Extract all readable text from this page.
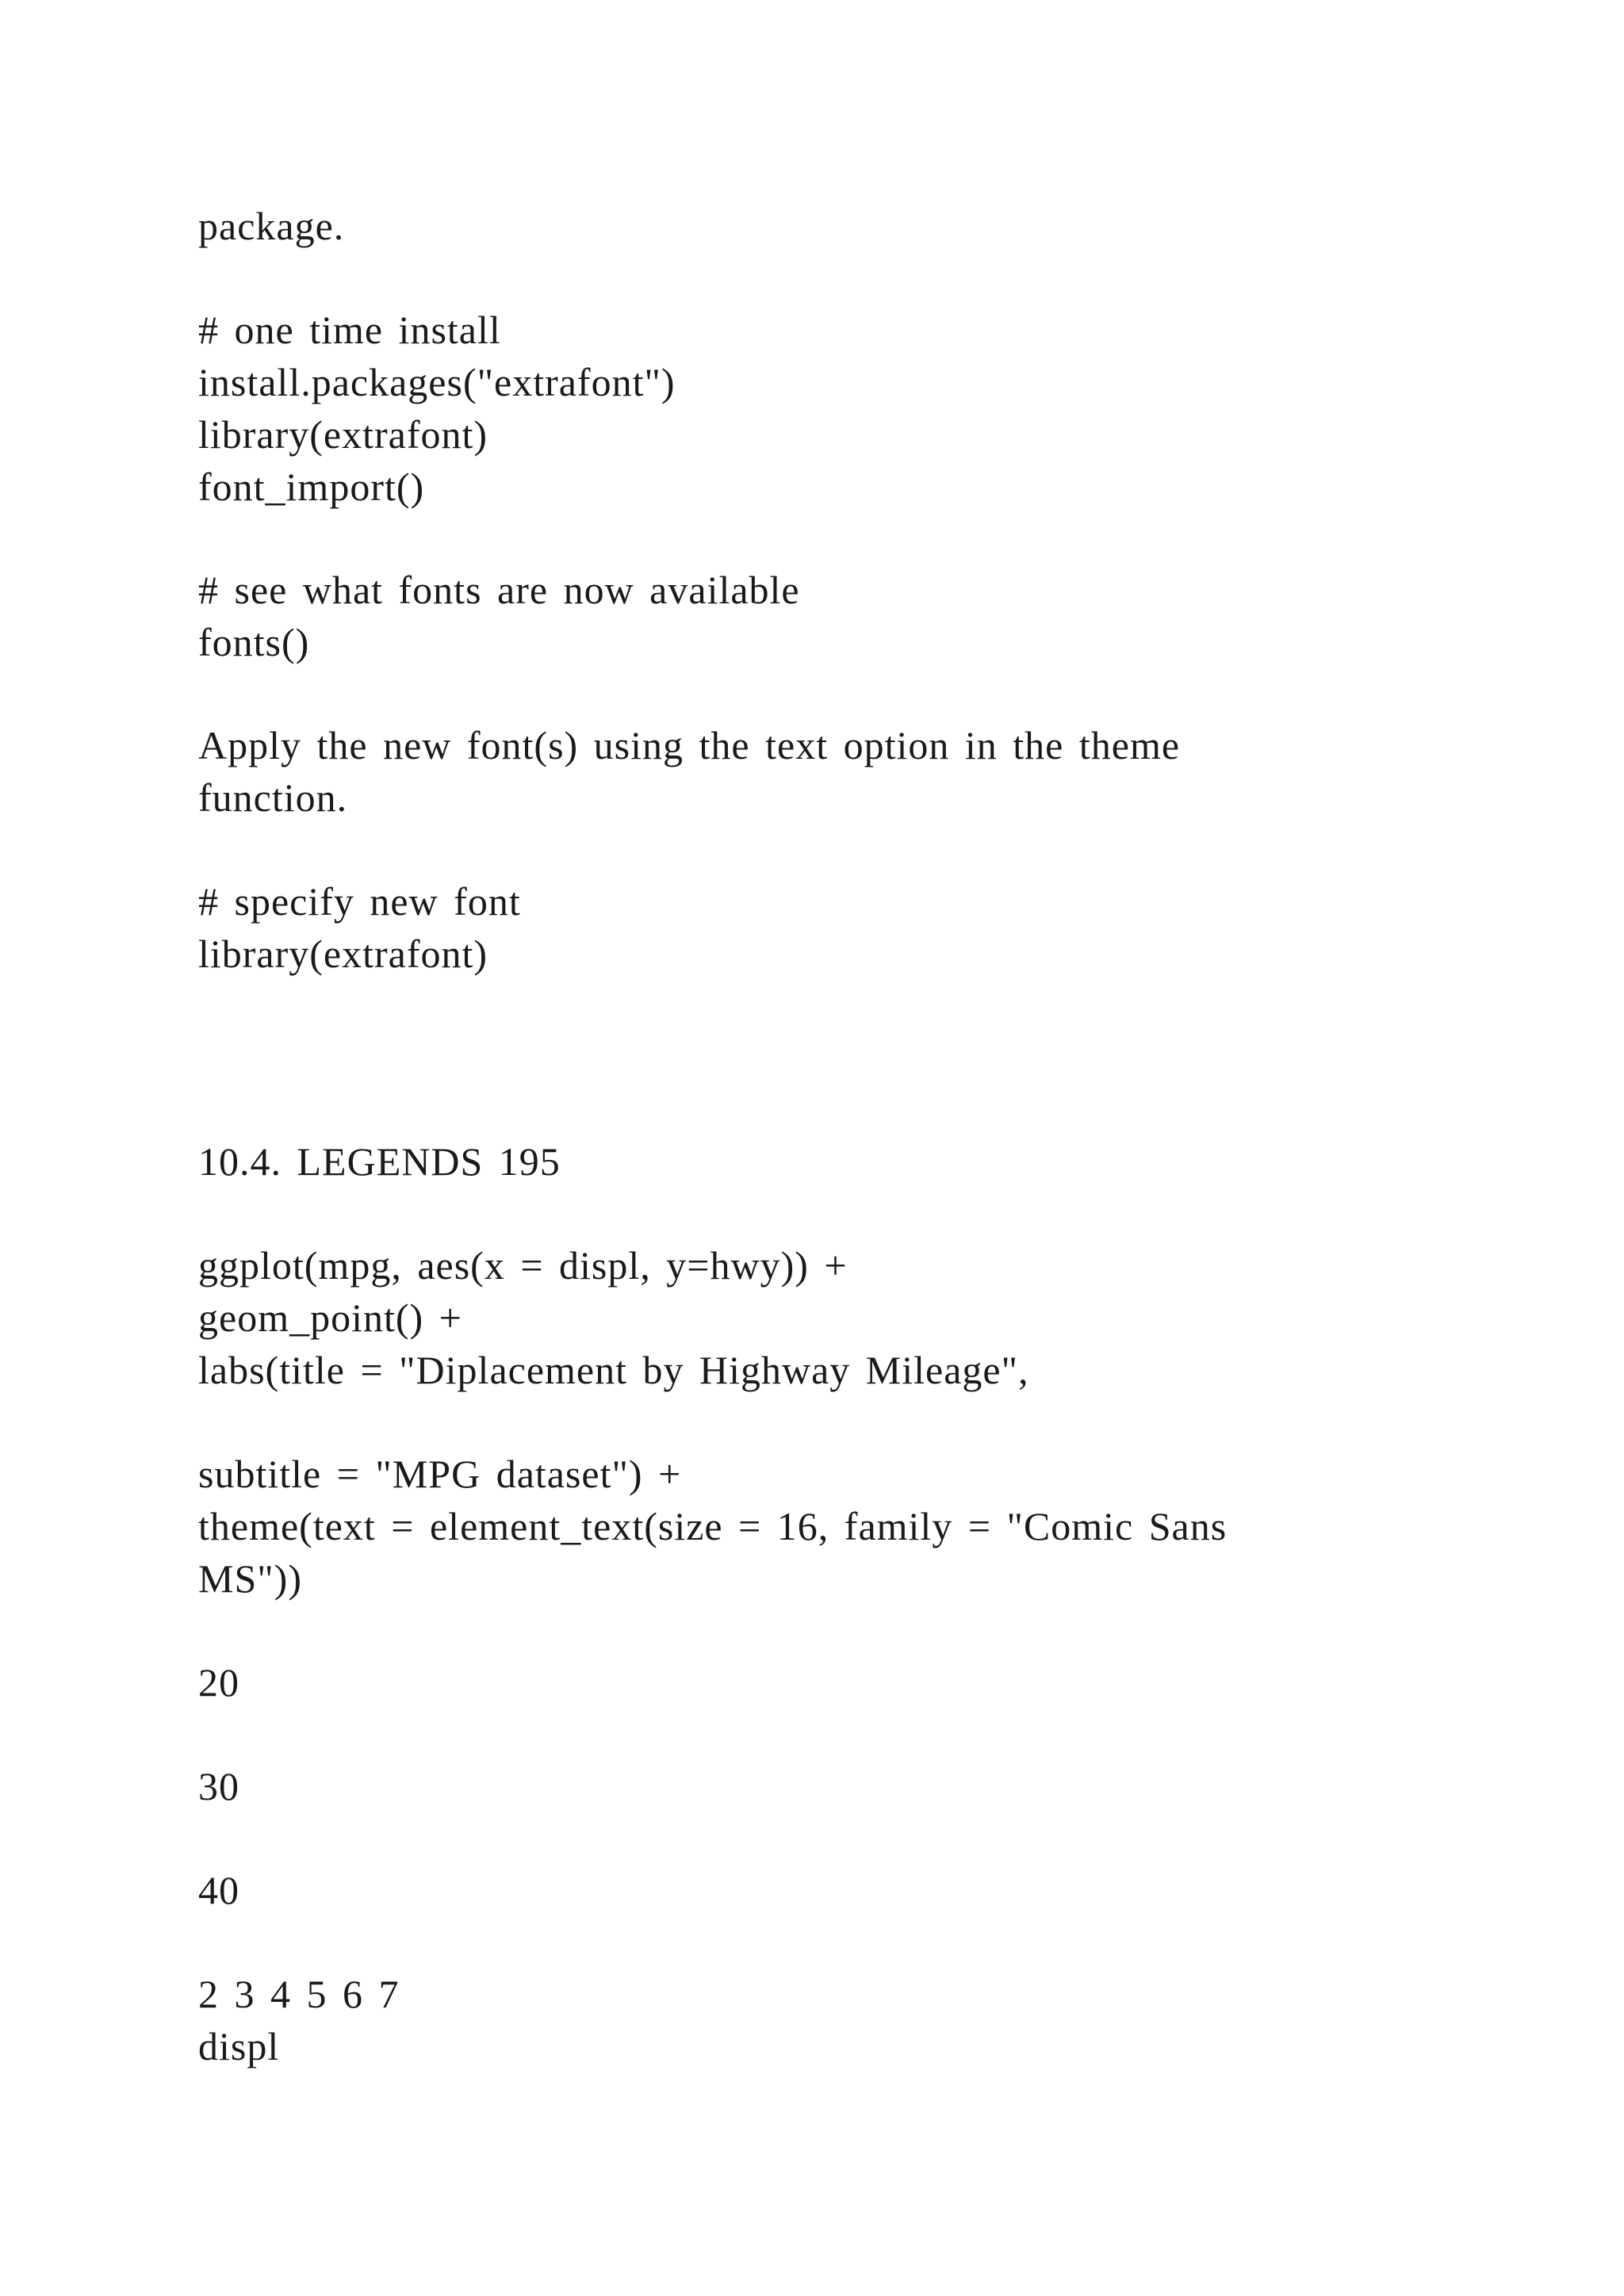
package.
# one time install
install.packages("extrafont")
library(extrafont)
font_import()
# see what fonts are now available
fonts()
Apply the new font(s) using the text option in the theme
function.
# specify new font
library(extrafont)
10.4. LEGENDS 195
ggplot(mpg, aes(x = displ, y=hwy)) +
geom_point() +
labs(title = "Diplacement by Highway Mileage",
subtitle = "MPG dataset") +
theme(text = element_text(size = 16, family = "Comic Sans
MS"))
20
30
40
2 3 4 5 6 7
displ
